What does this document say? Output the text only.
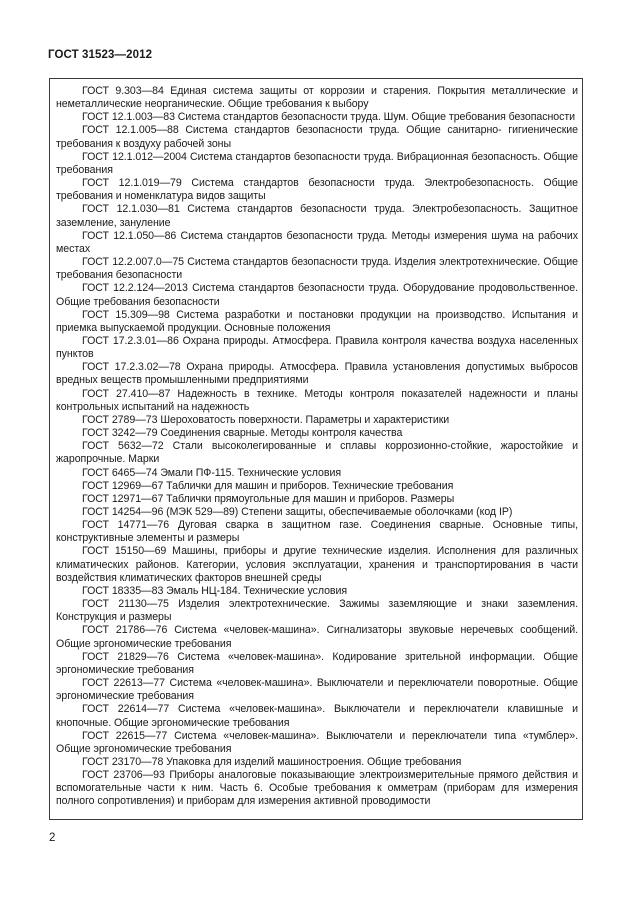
ГОСТ 31523—2012
ГОСТ 9.303—84 Единая система защиты от коррозии и старения. Покрытия металлические и неметаллические неорганические. Общие требования к выбору
ГОСТ 12.1.003—83 Система стандартов безопасности труда. Шум. Общие требования безопасности
ГОСТ 12.1.005—88 Система стандартов безопасности труда. Общие санитарно- гигиенические требования к воздуху рабочей зоны
ГОСТ 12.1.012—2004 Система стандартов безопасности труда. Вибрационная безопасность. Общие требования
ГОСТ 12.1.019—79 Система стандартов безопасности труда. Электробезопасность. Общие требования и номенклатура видов защиты
ГОСТ 12.1.030—81 Система стандартов безопасности труда. Электробезопасность. Защитное заземление, зануление
ГОСТ 12.1.050—86 Система стандартов безопасности труда. Методы измерения шума на рабочих местах
ГОСТ 12.2.007.0—75 Система стандартов безопасности труда. Изделия электротехнические. Общие требования безопасности
ГОСТ 12.2.124—2013 Система стандартов безопасности труда. Оборудование продовольственное. Общие требования безопасности
ГОСТ 15.309—98 Система разработки и постановки продукции на производство. Испытания и приемка выпускаемой продукции. Основные положения
ГОСТ 17.2.3.01—86 Охрана природы. Атмосфера. Правила контроля качества воздуха населенных пунктов
ГОСТ 17.2.3.02—78 Охрана природы. Атмосфера. Правила установления допустимых выбросов вредных веществ промышленными предприятиями
ГОСТ 27.410—87 Надежность в технике. Методы контроля показателей надежности и планы контрольных испытаний на надежность
ГОСТ 2789—73 Шероховатость поверхности. Параметры и характеристики
ГОСТ 3242—79 Соединения сварные. Методы контроля качества
ГОСТ 5632—72 Стали высоколегированные и сплавы коррозионно-стойкие, жаростойкие и жаропрочные. Марки
ГОСТ 6465—74 Эмали ПФ-115. Технические условия
ГОСТ 12969—67 Таблички для машин и приборов. Технические требования
ГОСТ 12971—67 Таблички прямоугольные для машин и приборов. Размеры
ГОСТ 14254—96 (МЭК 529—89) Степени защиты, обеспечиваемые оболочками (код IP)
ГОСТ 14771—76 Дуговая сварка в защитном газе. Соединения сварные. Основные типы, конструктивные элементы и размеры
ГОСТ 15150—69 Машины, приборы и другие технические изделия. Исполнения для различных климатических районов. Категории, условия эксплуатации, хранения и транспортирования в части воздействия климатических факторов внешней среды
ГОСТ 18335—83 Эмаль НЦ-184. Технические условия
ГОСТ 21130—75 Изделия электротехнические. Зажимы заземляющие и знаки заземления. Конструкция и размеры
ГОСТ 21786—76 Система «человек-машина». Сигнализаторы звуковые неречевых сообщений. Общие эргономические требования
ГОСТ 21829—76 Система «человек-машина». Кодирование зрительной информации. Общие эргономические требования
ГОСТ 22613—77 Система «человек-машина». Выключатели и переключатели поворотные. Общие эргономические требования
ГОСТ 22614—77 Система «человек-машина». Выключатели и переключатели клавишные и кнопочные. Общие эргономические требования
ГОСТ 22615—77 Система «человек-машина». Выключатели и переключатели типа «тумблер». Общие эргономические требования
ГОСТ 23170—78 Упаковка для изделий машиностроения. Общие требования
ГОСТ 23706—93 Приборы аналоговые показывающие электроизмерительные прямого действия и вспомогательные части к ним. Часть 6. Особые требования к омметрам (приборам для измерения полного сопротивления) и приборам для измерения активной проводимости
2
